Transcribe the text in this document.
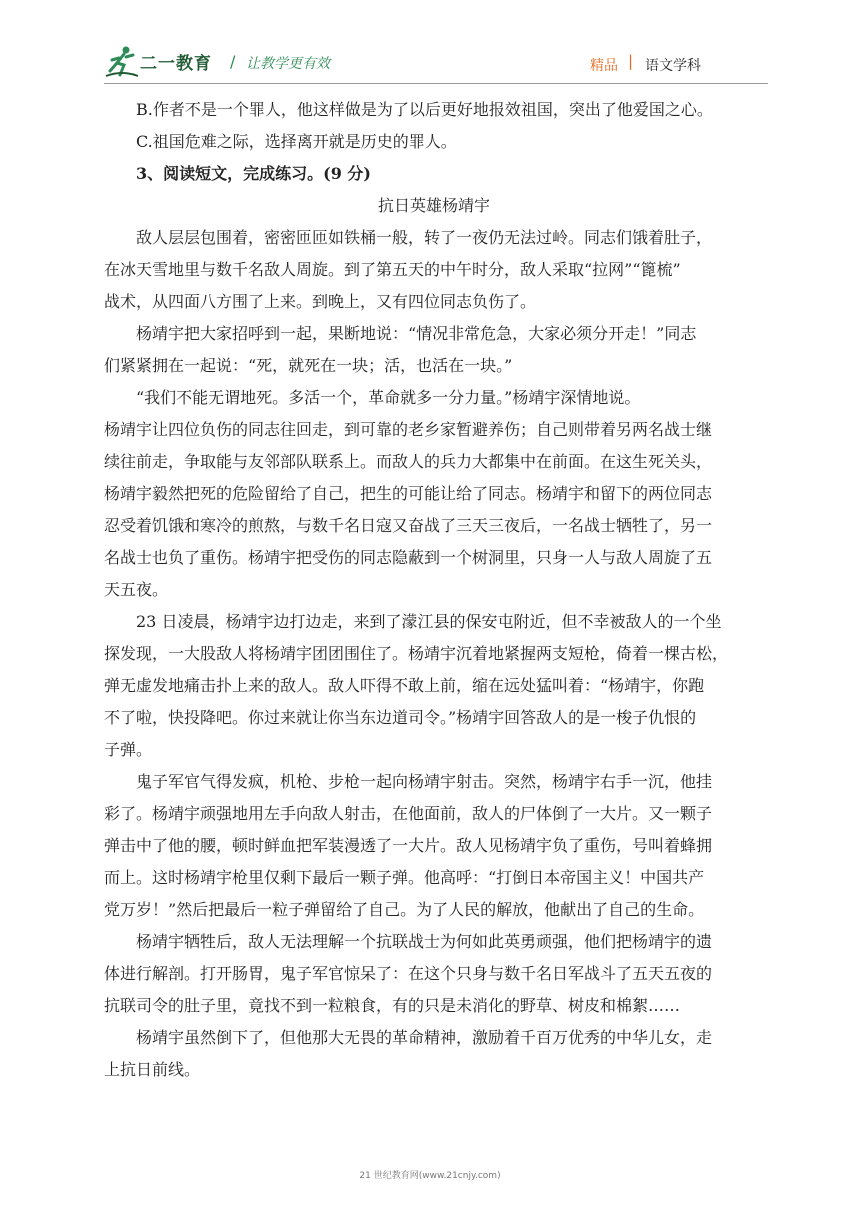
二一教育 / 让教学更有效	精品 | 语文学科
B.作者不是一个罪人，他这样做是为了以后更好地报效祖国，突出了他爱国之心。
C.祖国危难之际，选择离开就是历史的罪人。
3、阅读短文，完成练习。(9 分)
抗日英雄杨靖宇
敌人层层包围着，密密匝匝如铁桶一般，转了一夜仍无法过岭。同志们饿着肚子，
在冰天雪地里与数千名敌人周旋。到了第五天的中午时分，敌人采取“拉网”“篦梳”
战术，从四面八方围了上来。到晚上，又有四位同志负伤了。
杨靖宇把大家招呼到一起，果断地说：“情况非常危急，大家必须分开走！”同志
们紧紧拥在一起说：“死，就死在一块；活，也活在一块。”
“我们不能无谓地死。多活一个，革命就多一分力量。”杨靖宇深情地说。
杨靖宇让四位负伤的同志往回走，到可靠的老乡家暂避养伤；自己则带着另两名战士继
续往前走，争取能与友邻部队联系上。而敌人的兵力大都集中在前面。在这生死关头，
杨靖宇毅然把死的危险留给了自己，把生的可能让给了同志。杨靖宇和留下的两位同志
忍受着饥饿和寒冷的煎熬，与数千名日寇又奋战了三天三夜后，一名战士牺牲了，另一
名战士也负了重伤。杨靖宇把受伤的同志隐蔽到一个树洞里，只身一人与敌人周旋了五
天五夜。
23 日凌晨，杨靖宇边打边走，来到了濛江县的保安屯附近，但不幸被敌人的一个坐
探发现，一大股敌人将杨靖宇团团围住了。杨靖宇沉着地紧握两支短枪，倚着一棵古松，
弹无虚发地痛击扑上来的敌人。敌人吓得不敢上前，缩在远处猛叫着：“杨靖宇，你跑
不了啦，快投降吧。你过来就让你当东边道司令。”杨靖宇回答敌人的是一梭子仇恨的
子弹。
鬼子军官气得发疯，机枪、步枪一起向杨靖宇射击。突然，杨靖宇右手一沉，他挂
彩了。杨靖宇顽强地用左手向敌人射击，在他面前，敌人的尸体倒了一大片。又一颗子
弹击中了他的腰，顿时鲜血把军装漫透了一大片。敌人见杨靖宇负了重伤，号叫着蜂拥
而上。这时杨靖宇枪里仅剩下最后一颗子弹。他高呼：“打倒日本帝国主义！中国共产
党万岁！”然后把最后一粒子弹留给了自己。为了人民的解放，他献出了自己的生命。
杨靖宇牺牲后，敌人无法理解一个抗联战士为何如此英勇顽强，他们把杨靖宇的遗
体进行解剖。打开肠胃，鬼子军官惊呆了：在这个只身与数千名日军战斗了五天五夜的
抗联司令的肚子里，竟找不到一粒粮食，有的只是未消化的野草、树皮和棉絮……
杨靖宇虽然倒下了，但他那大无畏的革命精神，激励着千百万优秀的中华儿女，走
上抗日前线。
21 世纪教育网(www.21cnjy.com)
